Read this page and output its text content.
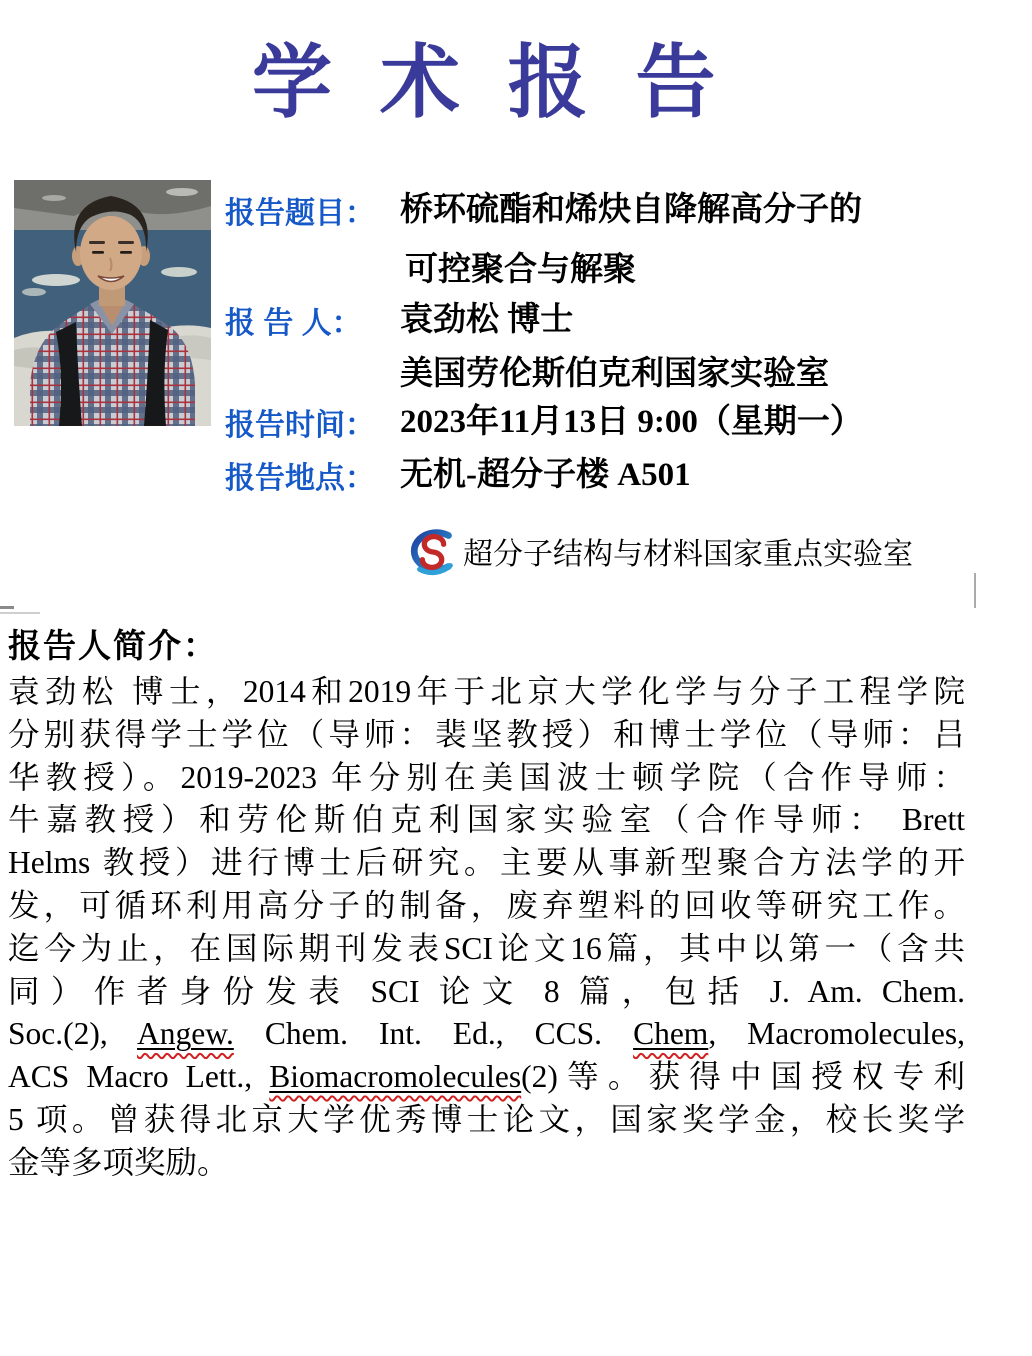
学 术 报 告
报告题目： 桥环硫酯和烯炔自降解高分子的
可控聚合与解聚
报 告 人： 袁劲松 博士
美国劳伦斯伯克利国家实验室
报告时间： 2023年11月13日 9:00（星期一）
报告地点： 无机-超分子楼 A501
超分子结构与材料国家重点实验室
报告人简介：
袁劲松 博士，2014和2019年于北京大学化学与分子工程学院
分别获得学士学位（导师：裴坚教授）和博士学位（导师：吕
华教授）。2019-2023 年分别在美国波士顿学院（合作导师：
牛嘉教授）和劳伦斯伯克利国家实验室（合作导师： Brett
Helms 教授）进行博士后研究。主要从事新型聚合方法学的开
发，可循环利用高分子的制备，废弃塑料的回收等研究工作。
迄今为止，在国际期刊发表SCI论文16篇，其中以第一（含共
同）作者身份发表 SCI 论文 8 篇，包括 J. Am. Chem.
Soc.(2), Angew. Chem. Int. Ed., CCS. Chem, Macromolecules,
ACS Macro Lett., Biomacromolecules(2)等。获得中国授权专利
5 项。曾获得北京大学优秀博士论文，国家奖学金，校长奖学
金等多项奖励。
